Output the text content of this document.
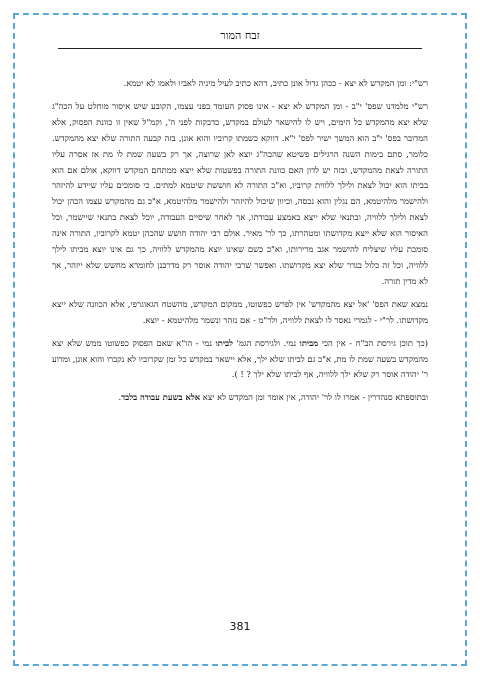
זבח המור

רש"י: ומן המקדש לא יצא - ככהן גדול אונן כתיב, דהא כתיב לעיל מיניה לאביו ולאמו לא יטמא.

רש"י מלמדנו שפס' י"ב - ומן המקדש לא יצא - אינו פסוק העומד בפני עצמו, הקובע שיש איסור מוחלט על הכה"ג שלא יצא מהמקדש כל הימים, ויש לו להישאר לעולם במקדש, כדבקות לפני ה', וקמ"ל שאין זו כוונת הפסוק, אלא המדובר בפס' י"ב הוא המשך ישיר לפס' י"א. דווקא כשמתו קרוביו והוא אונן, בזה קבעה התורה שלא יצא מהמקדש. כלומר, סתם בימות השנה הרגילים פשיטא שהכה"ג יוצא לאן שרוצה, אך רק בשעה שמת לו מת אז אסרה עליו התורה לצאת מהמקדש, ובזה יש לדון האם כוונת התורה בפשטות שלא ייצא ממתחם המקדש דווקא, אולם אם הוא בביתו הוא יכול לצאת ולילך ללווית קרוביו, וא"כ התורה לא חוששת שיטמא למתים. כי סומכים עליו שיידע להיזהר ולהישמר מלהיטמא, הם נגלין והוא נכסה, וכיוון שיכול להיזהר ולהישמר מלהיטמא, א"כ גם מהמקדש עצמו הכהן יכול לצאת ולילך ללוויה, ובתנאי שלא ייצא באמצע עבודתו, אך לאחר שיסיים העבודה, יוכל לצאת בתנאי שיישמר, וכל האיסור הוא שלא ייצא מקדושתו ומטהרתו, כך לר' מאיר. אולם רבי יהודה חושש שהכהן יטמא לקרוביו, התורה אינה סומכת עליו שיצליח להישמר אגב מרירותו, וא"כ כשם שאינו יוצא מהמקדש ללוויה, כך גם אינו יוצא מביתו לילך ללוויה, וכל זה כלול בגדר שלא יצא מקדושתו. ואפשר שרבי יהודה אוסר רק מדרבנן לחומרא מחשש שלא ייזהר, אך לא מדין תורה.

נמצא שאת הפס' 'אל יצא מהמקדש' אין לפרש כפשוטו, ממקום המקדש, מהשטח הגאוגרפי, אלא הכוונה שלא ייצא מקדושתו. לר"י - לגמרי נאסר לו לצאת ללוויה, ולר"מ - אם נזהר ונשמר מלהיטמא - יוצא.

(כך תוכן גירסת הב"ח - אין הכי מביתו נמי. ולגירסת הגמ' לביתו נמי - הו"א שאם הפסוק כפשוטו ממש שלא יצא מהמקדש בשעה שמת לו מת, א"כ גם לביתו שלא ילך, אלא יישאר במקדש כל זמן שקרוביו לא נקברו והוא אונן, ומדוע ר' יהודה אוסר רק שלא ילך ללוויה, אף לביתו שלא ילך ? ! ).

ובתוספתא סנהדרין - אמרו לו לר' יהודה, אין אומר ומן המקדש לא יצא אלא בשעת עבודה בלבד.

381
